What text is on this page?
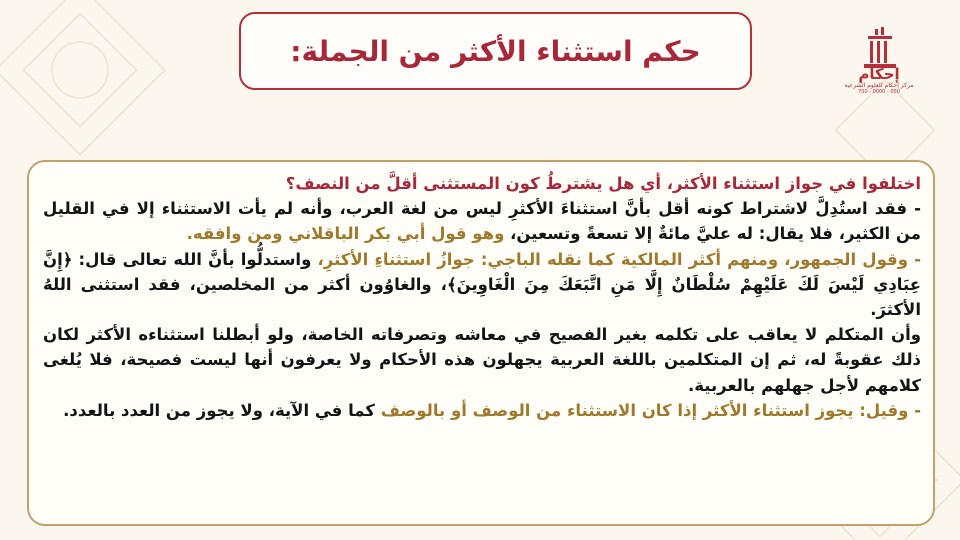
حكم استثناء الأكثر من الجملة:
إحكام
مركز إحكام للعلوم الشرعية
700 - 0000 - 000

اختلفوا في جواز استثناء الأكثر، أي هل يشترطُ كون المستثنى أقلَّ من النصف؟

- فقد استُدِلَّ لاشتراط كونه أقل بأنَّ استثناءَ الأكثرِ ليس من لغة العرب، وأنه لم يأت الاستثناء إلا في القليل من الكثير، فلا يقال: له عليَّ مائةٌ إلا تسعةً وتسعين، وهو قول أبي بكر الباقلاني ومن وافقه.

- وقول الجمهور، ومنهم أكثر المالكية كما نقله الباجي: جوازُ استثناءِ الأكثرِ، واستدلُّوا بأنَّ الله تعالى قال: ﴿إِنَّ عِبَادِي لَيْسَ لَكَ عَلَيْهِمْ سُلْطَانٌ إِلَّا مَنِ اتَّبَعَكَ مِنَ الْغَاوِينَ﴾، والغاوُون أكثر من المخلصين، فقد استثنى اللهُ الأكثرَ.

وأن المتكلم لا يعاقب على تكلمه بغير الفصيح في معاشه وتصرفاته الخاصة، ولو أبطلنا استثناءه الأكثر لكان ذلك عقوبةً له، ثم إن المتكلمين باللغة العربية يجهلون هذه الأحكام ولا يعرفون أنها ليست فصيحة، فلا يُلغى كلامهم لأجل جهلهم بالعربية.

- وقيل: يجوز استثناء الأكثر إذا كان الاستثناء من الوصف أو بالوصف كما في الآية، ولا يجوز من العدد بالعدد.
